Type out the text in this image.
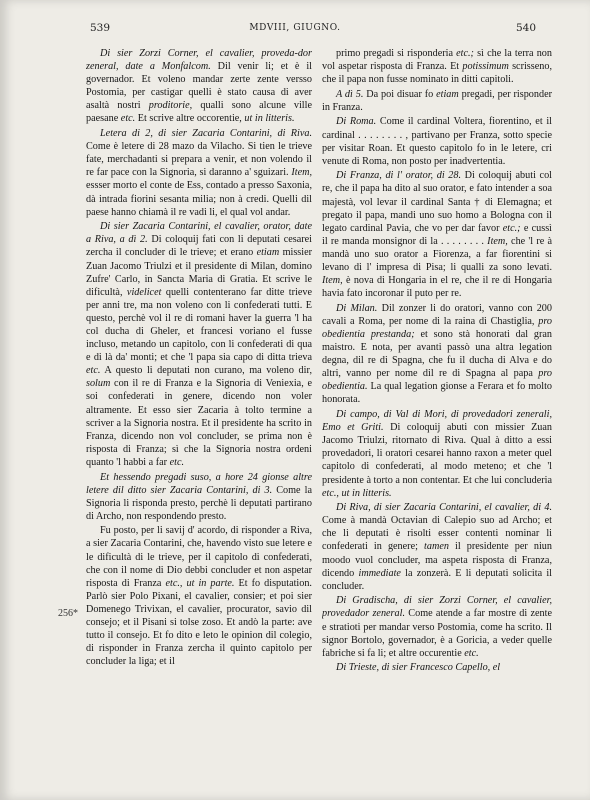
539	MDVIII, GIUGNO.	540

Di sier Zorzi Corner, el cavalier, proveda-dor zeneral, date a Monfalcom. Dil venir li; et è il governador. Et voleno mandar zerte zente versso Postomia, per castigar quelli è stato causa di aver asaltà nostri proditorie, qualli sono alcune ville paesane etc. Et scrive altre occorentie, ut in litteris.

Letera di 2, di sier Zacaria Contarini, di Riva. Come è letere di 28 mazo da Vilacho. Si tien le trieve fate, merchadanti si prepara a venir, et non volendo il re far pace con la Signoria, si daranno a' sguizari. Item, essser morto el conte de Ess, contado a presso Saxonia, dà intrada fiorini sesanta milia; non à credi. Quelli dil paese hanno chiamà il re vadi li, el qual vol andar.

Di sier Zacaria Contarini, el cavalier, orator, date a Riva, a dì 2. Di coloquij fati con li deputati cesarei zercha il concluder di le trieve; et erano etiam missier Zuan Jacomo Triulzi et il presidente di Milan, domino Zufre' Carlo, in Sancta Maria di Gratia. Et scrive le dificultà, videlicet quelli contenterano far ditte trieve per anni tre, ma non voleno con li confederati tutti. E questo, perchè vol il re di romani haver la guerra 'l ha col ducha di Gheler, et francesi voriano el fusse incluso, metando un capitolo, con li confederati di qua e di là da' monti; et che 'l papa sia capo di ditta trieva etc. A questo li deputati non curano, ma voleno dir, solum con il re di Franza e la Signoria di Veniexia, e soi confederati in genere, dicendo non voler altramente. Et esso sier Zacaria à tolto termine a scriver a la Signoria nostra. Et il presidente ha scrito in Franza, dicendo non vol concluder, se prima non è risposta di Franza; sì che la Signoria nostra ordeni quanto 'l habbi a far etc.

Et hessendo pregadi suso, a hore 24 gionse altre letere dil ditto sier Zacaria Contarini, di 3. Come la Signoria li risponda presto, perchè li deputati partirano di Archo, non respondendo presto.

Fu posto, per li savij d' acordo, di risponder a Riva, a sier Zacaria Contarini, che, havendo visto sue letere e le dificultà di le trieve, per il capitolo di confederati, che con il nome di Dio debbi concluder et non aspetar risposta di Franza etc., ut in parte. Et fo disputation. Parlò sier Polo Pixani, el cavalier, consier; et poi sier Domenego Trivixan, el cavalier, procurator, savio dil consejo; et il Pisani si tolse zoso. Et andò la parte: ave tutto il consejo. Et fo dito e leto le opinion dil colegio, di risponder in Franza zercha il quinto capitolo per concluder la liga; et il

primo pregadi si risponderia etc.; sì che la terra non vol aspetar risposta di Franza. Et potissimum scrisseno, che il papa non fusse nominato in ditti capitoli.

A dì 5. Da poi disuar fo etiam pregadi, per risponder in Franza.

Di Roma. Come il cardinal Voltera, fiorentino, et il cardinal . . . . . . . . , partivano per Franza, sotto specie per visitar Roan. Et questo capitolo fo in le letere, cri venute di Roma, non posto per inadvertentia.

Di Franza, di l' orator, di 28. Di coloquij abuti col re, che il papa ha dito al suo orator, e fato intender a soa majestà, vol levar il cardinal Santa † di Elemagna; et pregato il papa, mandi uno suo homo a Bologna con il legato cardinal Pavia, che vo per dar favor etc.; e cussì il re manda monsignor di la . . . . . . . . Item, che 'l re à mandà uno suo orator a Fiorenza, a far fiorentini si levano di l' impresa di Pisa; li qualli za sono levati. Item, è nova di Hongaria in el re, che il re di Hongaria havia fato incoronar il puto per re.

Di Milan. Dil zonzer li do oratori, vanno con 200 cavali a Roma, per nome di la raina di Chastiglia, pro obedientia prestanda; et sono stà honorati dal gran maistro. E nota, per avanti passò una altra legation degna, dil re di Spagna, che fu il ducha di Alva e do altri, vanno per nome dil re di Spagna al papa pro obedientia. La qual legation gionse a Ferara et fo molto honorata.

Di campo, di Val di Mori, di provedadori zenerali, Emo et Griti. Di coloquij abuti con missier Zuan Jacomo Triulzi, ritornato di Riva. Qual à ditto a essi provedadori, li oratori cesarei hanno raxon a meter quel capitolo di confederati, al modo meteno; et che 'l presidente à torto a non contentar. Et che lui concluderia etc., ut in litteris.

Di Riva, di sier Zacaria Contarini, el cavalier, di 4. Come à mandà Octavian di Calepio suo ad Archo; et che li deputati è risolti esser contenti nominar li confederati in genere; tamen il presidente per niun moodo vuol concluder, ma aspeta risposta di Franza, dicendo immediate la zonzerà. E li deputati solicita il concluder.

Di Gradischa, di sier Zorzi Corner, el cavalier, provedador zeneral. Come atende a far mostre di zente e stratioti per mandar verso Postomia, come ha scrito. Il signor Bortolo, governador, è a Goricia, a veder quelle fabriche si fa li; et altre occurentie etc.

Di Trieste, di sier Francesco Capello, el

256*
